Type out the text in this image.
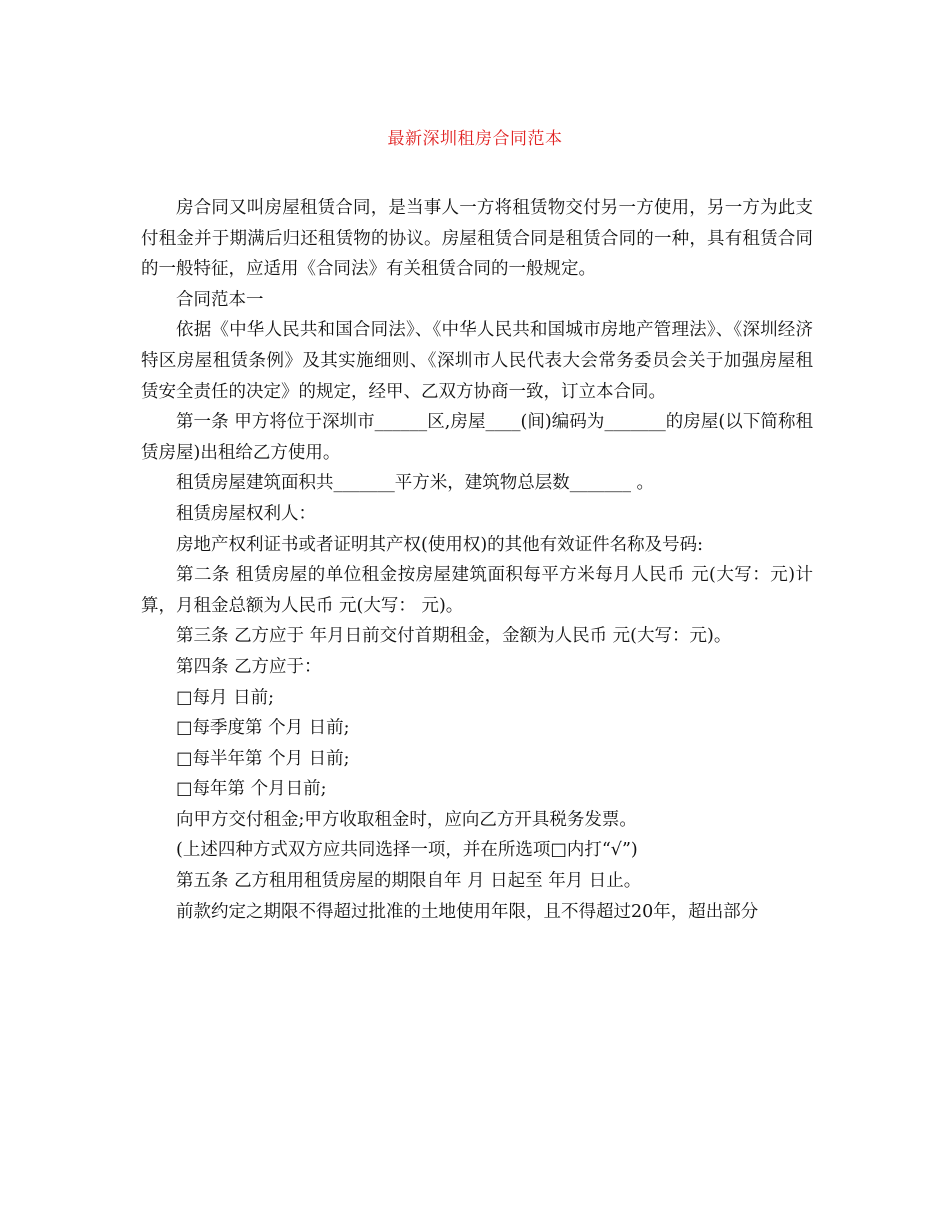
最新深圳租房合同范本

房合同又叫房屋租赁合同，是当事人一方将租赁物交付另一方使用，另一方为此支付租金并于期满后归还租赁物的协议。房屋租赁合同是租赁合同的一种，具有租赁合同的一般特征，应适用《合同法》有关租赁合同的一般规定。

合同范本一

依据《中华人民共和国合同法》、《中华人民共和国城市房地产管理法》、《深圳经济特区房屋租赁条例》及其实施细则、《深圳市人民代表大会常务委员会关于加强房屋租赁安全责任的决定》的规定，经甲、乙双方协商一致，订立本合同。

第一条 甲方将位于深圳市______区,房屋____(间)编码为_______的房屋(以下简称租赁房屋)出租给乙方使用。

租赁房屋建筑面积共_______平方米，建筑物总层数_______ 。

租赁房屋权利人：

房地产权利证书或者证明其产权(使用权)的其他有效证件名称及号码:

第二条 租赁房屋的单位租金按房屋建筑面积每平方米每月人民币 元(大写：元)计算，月租金总额为人民币 元(大写： 元)。

第三条 乙方应于 年月日前交付首期租金，金额为人民币 元(大写：元)。

第四条 乙方应于：

□每月 日前;

□每季度第 个月 日前;

□每半年第 个月 日前;

□每年第 个月日前;

向甲方交付租金;甲方收取租金时，应向乙方开具税务发票。

(上述四种方式双方应共同选择一项，并在所选项□内打“√”)

第五条 乙方租用租赁房屋的期限自年 月 日起至 年月 日止。

前款约定之期限不得超过批准的土地使用年限，且不得超过20年，超出部分
